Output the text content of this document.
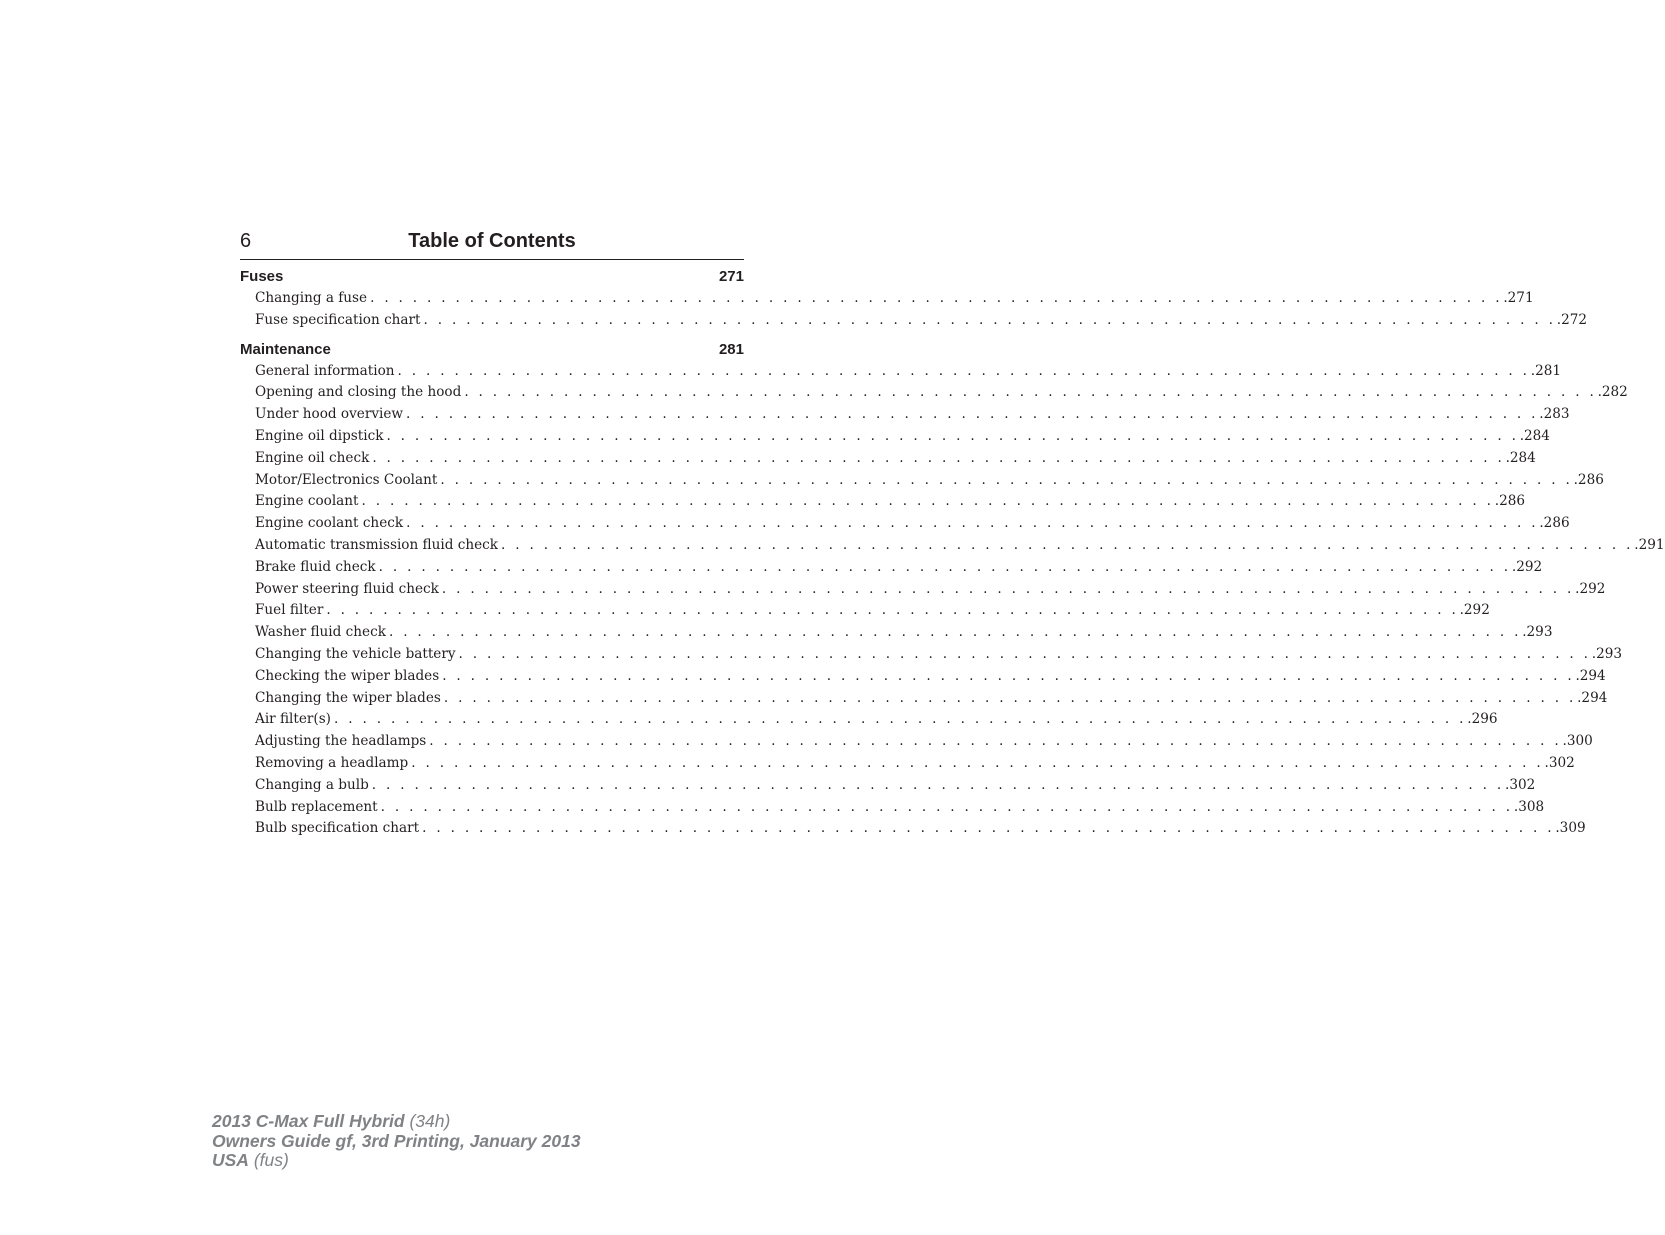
6	Table of Contents
Fuses	271
Changing a fuse . . . . . . . . . . . . . . . . . . . . . . . . . . . . . . . . . . . . . . . . . . . . . . . . . . . . . . . . . . . . . . . . . . . . . . . . . . . . . . . . .271
Fuse specification chart . . . . . . . . . . . . . . . . . . . . . . . . . . . . . . . . . . . . . . . . . . . . . . . . . . . . . . . . . . . . . . . . . . . . . . . . . . . . . . . . .272
Maintenance	281
General information . . . . . . . . . . . . . . . . . . . . . . . . . . . . . . . . . . . . . . . . . . . . . . . . . . . . . . . . . . . . . . . . . . . . . . . . . . . . . . . . .281
Opening and closing the hood . . . . . . . . . . . . . . . . . . . . . . . . . . . . . . . . . . . . . . . . . . . . . . . . . . . . . . . . . . . . . . . . . . . . . . . . . . . . . . . . .282
Under hood overview . . . . . . . . . . . . . . . . . . . . . . . . . . . . . . . . . . . . . . . . . . . . . . . . . . . . . . . . . . . . . . . . . . . . . . . . . . . . . . . . .283
Engine oil dipstick . . . . . . . . . . . . . . . . . . . . . . . . . . . . . . . . . . . . . . . . . . . . . . . . . . . . . . . . . . . . . . . . . . . . . . . . . . . . . . . . .284
Engine oil check . . . . . . . . . . . . . . . . . . . . . . . . . . . . . . . . . . . . . . . . . . . . . . . . . . . . . . . . . . . . . . . . . . . . . . . . . . . . . . . . .284
Motor/Electronics Coolant . . . . . . . . . . . . . . . . . . . . . . . . . . . . . . . . . . . . . . . . . . . . . . . . . . . . . . . . . . . . . . . . . . . . . . . . . . . . . . . . .286
Engine coolant . . . . . . . . . . . . . . . . . . . . . . . . . . . . . . . . . . . . . . . . . . . . . . . . . . . . . . . . . . . . . . . . . . . . . . . . . . . . . . . . .286
Engine coolant check . . . . . . . . . . . . . . . . . . . . . . . . . . . . . . . . . . . . . . . . . . . . . . . . . . . . . . . . . . . . . . . . . . . . . . . . . . . . . . . . .286
Automatic transmission fluid check . . . . . . . . . . . . . . . . . . . . . . . . . . . . . . . . . . . . . . . . . . . . . . . . . . . . . . . . . . . . . . . . . . . . . . . . . . . . . . . . .291
Brake fluid check . . . . . . . . . . . . . . . . . . . . . . . . . . . . . . . . . . . . . . . . . . . . . . . . . . . . . . . . . . . . . . . . . . . . . . . . . . . . . . . . .292
Power steering fluid check . . . . . . . . . . . . . . . . . . . . . . . . . . . . . . . . . . . . . . . . . . . . . . . . . . . . . . . . . . . . . . . . . . . . . . . . . . . . . . . . .292
Fuel filter . . . . . . . . . . . . . . . . . . . . . . . . . . . . . . . . . . . . . . . . . . . . . . . . . . . . . . . . . . . . . . . . . . . . . . . . . . . . . . . . .292
Washer fluid check . . . . . . . . . . . . . . . . . . . . . . . . . . . . . . . . . . . . . . . . . . . . . . . . . . . . . . . . . . . . . . . . . . . . . . . . . . . . . . . . .293
Changing the vehicle battery . . . . . . . . . . . . . . . . . . . . . . . . . . . . . . . . . . . . . . . . . . . . . . . . . . . . . . . . . . . . . . . . . . . . . . . . . . . . . . . . .293
Checking the wiper blades . . . . . . . . . . . . . . . . . . . . . . . . . . . . . . . . . . . . . . . . . . . . . . . . . . . . . . . . . . . . . . . . . . . . . . . . . . . . . . . . .294
Changing the wiper blades . . . . . . . . . . . . . . . . . . . . . . . . . . . . . . . . . . . . . . . . . . . . . . . . . . . . . . . . . . . . . . . . . . . . . . . . . . . . . . . . .294
Air filter(s) . . . . . . . . . . . . . . . . . . . . . . . . . . . . . . . . . . . . . . . . . . . . . . . . . . . . . . . . . . . . . . . . . . . . . . . . . . . . . . . . .296
Adjusting the headlamps . . . . . . . . . . . . . . . . . . . . . . . . . . . . . . . . . . . . . . . . . . . . . . . . . . . . . . . . . . . . . . . . . . . . . . . . . . . . . . . . .300
Removing a headlamp . . . . . . . . . . . . . . . . . . . . . . . . . . . . . . . . . . . . . . . . . . . . . . . . . . . . . . . . . . . . . . . . . . . . . . . . . . . . . . . . .302
Changing a bulb . . . . . . . . . . . . . . . . . . . . . . . . . . . . . . . . . . . . . . . . . . . . . . . . . . . . . . . . . . . . . . . . . . . . . . . . . . . . . . . . .302
Bulb replacement . . . . . . . . . . . . . . . . . . . . . . . . . . . . . . . . . . . . . . . . . . . . . . . . . . . . . . . . . . . . . . . . . . . . . . . . . . . . . . . . .308
Bulb specification chart . . . . . . . . . . . . . . . . . . . . . . . . . . . . . . . . . . . . . . . . . . . . . . . . . . . . . . . . . . . . . . . . . . . . . . . . . . . . . . . . .309
2013 C-Max Full Hybrid (34h)
Owners Guide gf, 3rd Printing, January 2013
USA (fus)
